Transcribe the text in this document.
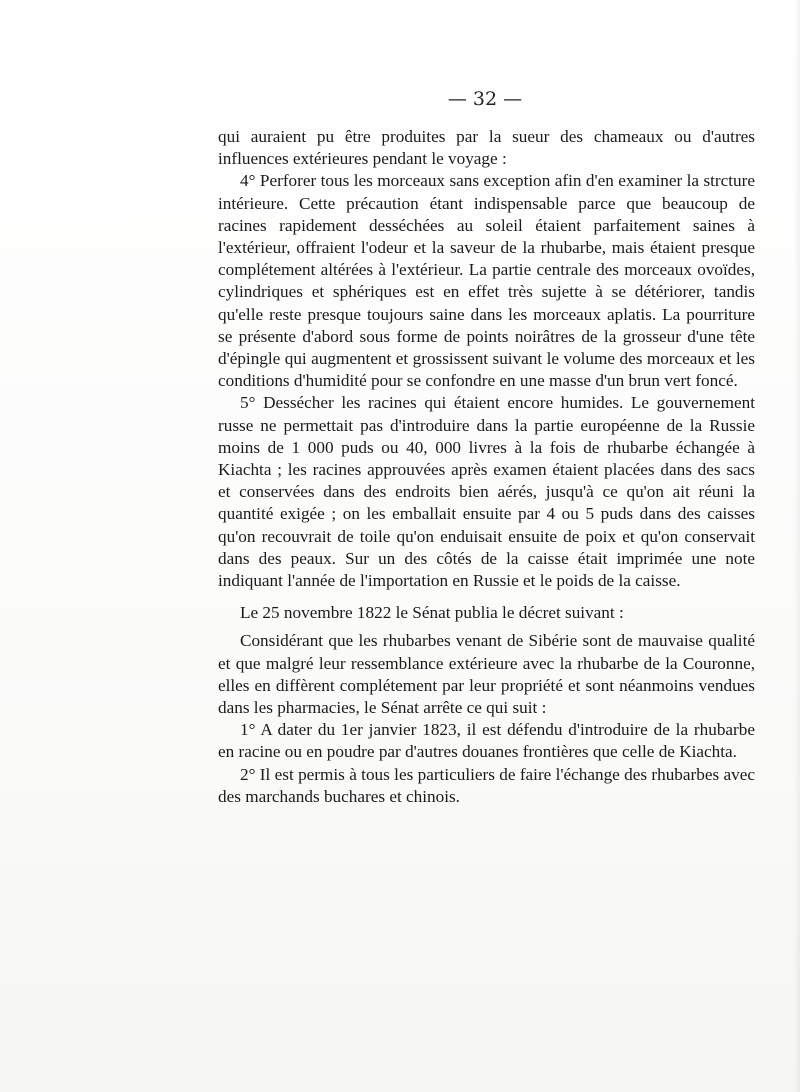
— 32 —

qui auraient pu être produites par la sueur des chameaux ou d'autres influences extérieures pendant le voyage :

4° Perforer tous les morceaux sans exception afin d'en examiner la strcture intérieure. Cette précaution étant indispensable parce que beaucoup de racines rapidement desséchées au soleil étaient parfaitement saines à l'extérieur, offraient l'odeur et la saveur de la rhubarbe, mais étaient presque complétement altérées à l'extérieur. La partie centrale des morceaux ovoïdes, cylindriques et sphériques est en effet très sujette à se détériorer, tandis qu'elle reste presque toujours saine dans les morceaux aplatis. La pourriture se présente d'abord sous forme de points noirâtres de la grosseur d'une tête d'épingle qui augmentent et grossissent suivant le volume des morceaux et les conditions d'humidité pour se confondre en une masse d'un brun vert foncé.

5° Dessécher les racines qui étaient encore humides. Le gouvernement russe ne permettait pas d'introduire dans la partie européenne de la Russie moins de 1 000 puds ou 40, 000 livres à la fois de rhubarbe échangée à Kiachta ; les racines approuvées après examen étaient placées dans des sacs et conservées dans des endroits bien aérés, jusqu'à ce qu'on ait réuni la quantité exigée ; on les emballait ensuite par 4 ou 5 puds dans des caisses qu'on recouvrait de toile qu'on enduisait ensuite de poix et qu'on conservait dans des peaux. Sur un des côtés de la caisse était imprimée une note indiquant l'année de l'importation en Russie et le poids de la caisse.

Le 25 novembre 1822 le Sénat publia le décret suivant :

Considérant que les rhubarbes venant de Sibérie sont de mauvaise qualité et que malgré leur ressemblance extérieure avec la rhubarbe de la Couronne, elles en diffèrent complétement par leur propriété et sont néanmoins vendues dans les pharmacies, le Sénat arrête ce qui suit :

1° A dater du 1er janvier 1823, il est défendu d'introduire de la rhubarbe en racine ou en poudre par d'autres douanes frontières que celle de Kiachta.

2° Il est permis à tous les particuliers de faire l'échange des rhubarbes avec des marchands buchares et chinois.
